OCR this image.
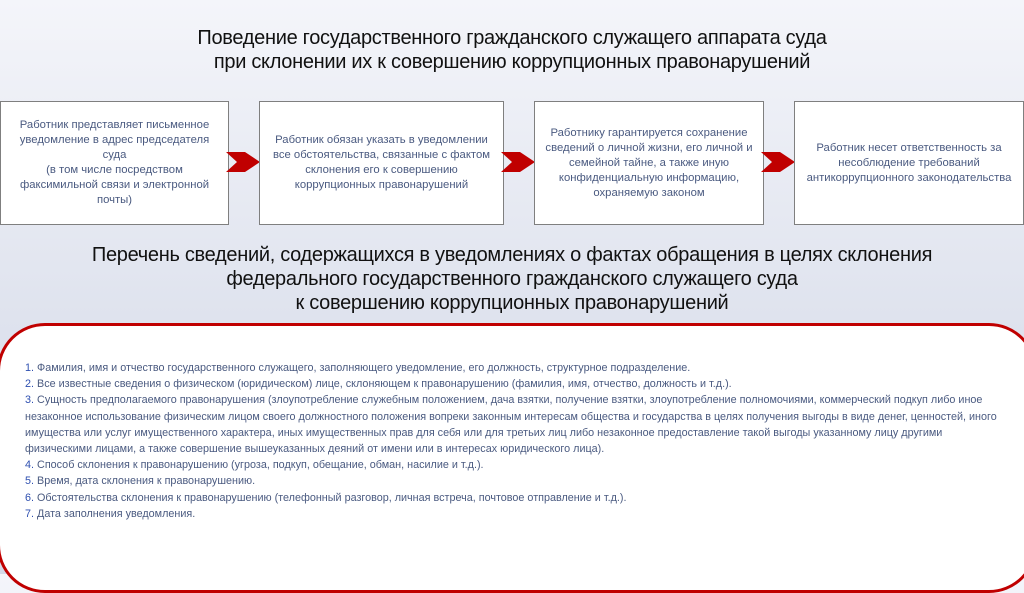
Поведение государственного гражданского служащего аппарата суда
при склонении их к совершению коррупционных правонарушений
Работник представляет письменное уведомление в адрес председателя суда
(в том числе посредством факсимильной связи и электронной почты)
Работник обязан указать в уведомлении все обстоятельства, связанные с фактом склонения его к совершению коррупционных правонарушений
Работнику гарантируется сохранение сведений о личной жизни, его личной и семейной тайне, а также иную конфиденциальную информацию, охраняемую законом
Работник несет ответственность за несоблюдение требований антикоррупционного законодательства
Перечень сведений, содержащихся в уведомлениях о фактах обращения в целях склонения
федерального государственного гражданского служащего суда
к совершению коррупционных правонарушений

1. Фамилия, имя и отчество государственного служащего, заполняющего уведомление, его должность, структурное подразделение.

2. Все известные сведения о физическом (юридическом) лице, склоняющем к правонарушению (фамилия, имя, отчество, должность и т.д.).

3. Сущность предполагаемого правонарушения (злоупотребление служебным положением, дача взятки, получение взятки, злоупотребление полномочиями, коммерческий подкуп либо иное незаконное использование физическим лицом своего должностного положения вопреки законным интересам общества и государства в целях получения выгоды в виде денег, ценностей, иного имущества или услуг имущественного характера, иных имущественных прав для себя или для третьих лиц либо незаконное предоставление такой выгоды указанному лицу другими физическими лицами, а также совершение вышеуказанных деяний от имени или в интересах юридического лица).

4. Способ склонения к правонарушению (угроза, подкуп, обещание, обман, насилие и т.д.).

5. Время, дата склонения к правонарушению.

6. Обстоятельства склонения к правонарушению (телефонный разговор, личная встреча, почтовое отправление и т.д.).

7. Дата заполнения уведомления.
